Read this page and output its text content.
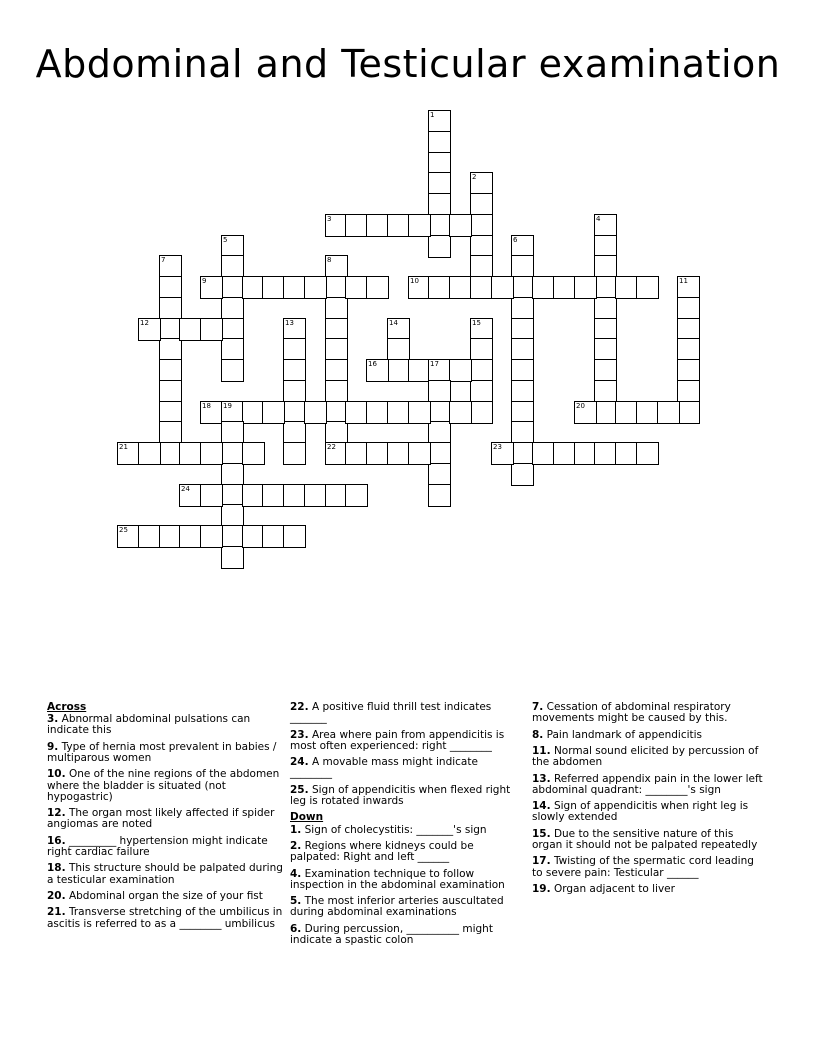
Abdominal and Testicular examination
1
2
3	4
5	6
7	8
9	10	11
12	13	14	15
16	17
18 19	20
21	22	23
24
25
Across
3. Abnormal abdominal pulsations can indicate this
9. Type of hernia most prevalent in babies / multiparous women
10. One of the nine regions of the abdomen where the bladder is situated (not hypogastric)
12. The organ most likely affected if spider angiomas are noted
16. _________ hypertension might indicate right cardiac failure
18. This structure should be palpated during a testicular examination
20. Abdominal organ the size of your fist
21. Transverse stretching of the umbilicus in ascitis is referred to as a ________ umbilicus
22. A positive fluid thrill test indicates _______
23. Area where pain from appendicitis is most often experienced: right ________
24. A movable mass might indicate ________
25. Sign of appendicitis when flexed right leg is rotated inwards
Down
1. Sign of cholecystitis: _______'s sign
2. Regions where kidneys could be palpated: Right and left ______
4. Examination technique to follow inspection in the abdominal examination
5. The most inferior arteries auscultated during abdominal examinations
6. During percussion, __________ might indicate a spastic colon
7. Cessation of abdominal respiratory movements might be caused by this.
8. Pain landmark of appendicitis
11. Normal sound elicited by percussion of the abdomen
13. Referred appendix pain in the lower left abdominal quadrant: ________'s sign
14. Sign of appendicitis when right leg is slowly extended
15. Due to the sensitive nature of this organ it should not be palpated repeatedly
17. Twisting of the spermatic cord leading to severe pain: Testicular ______
19. Organ adjacent to liver
